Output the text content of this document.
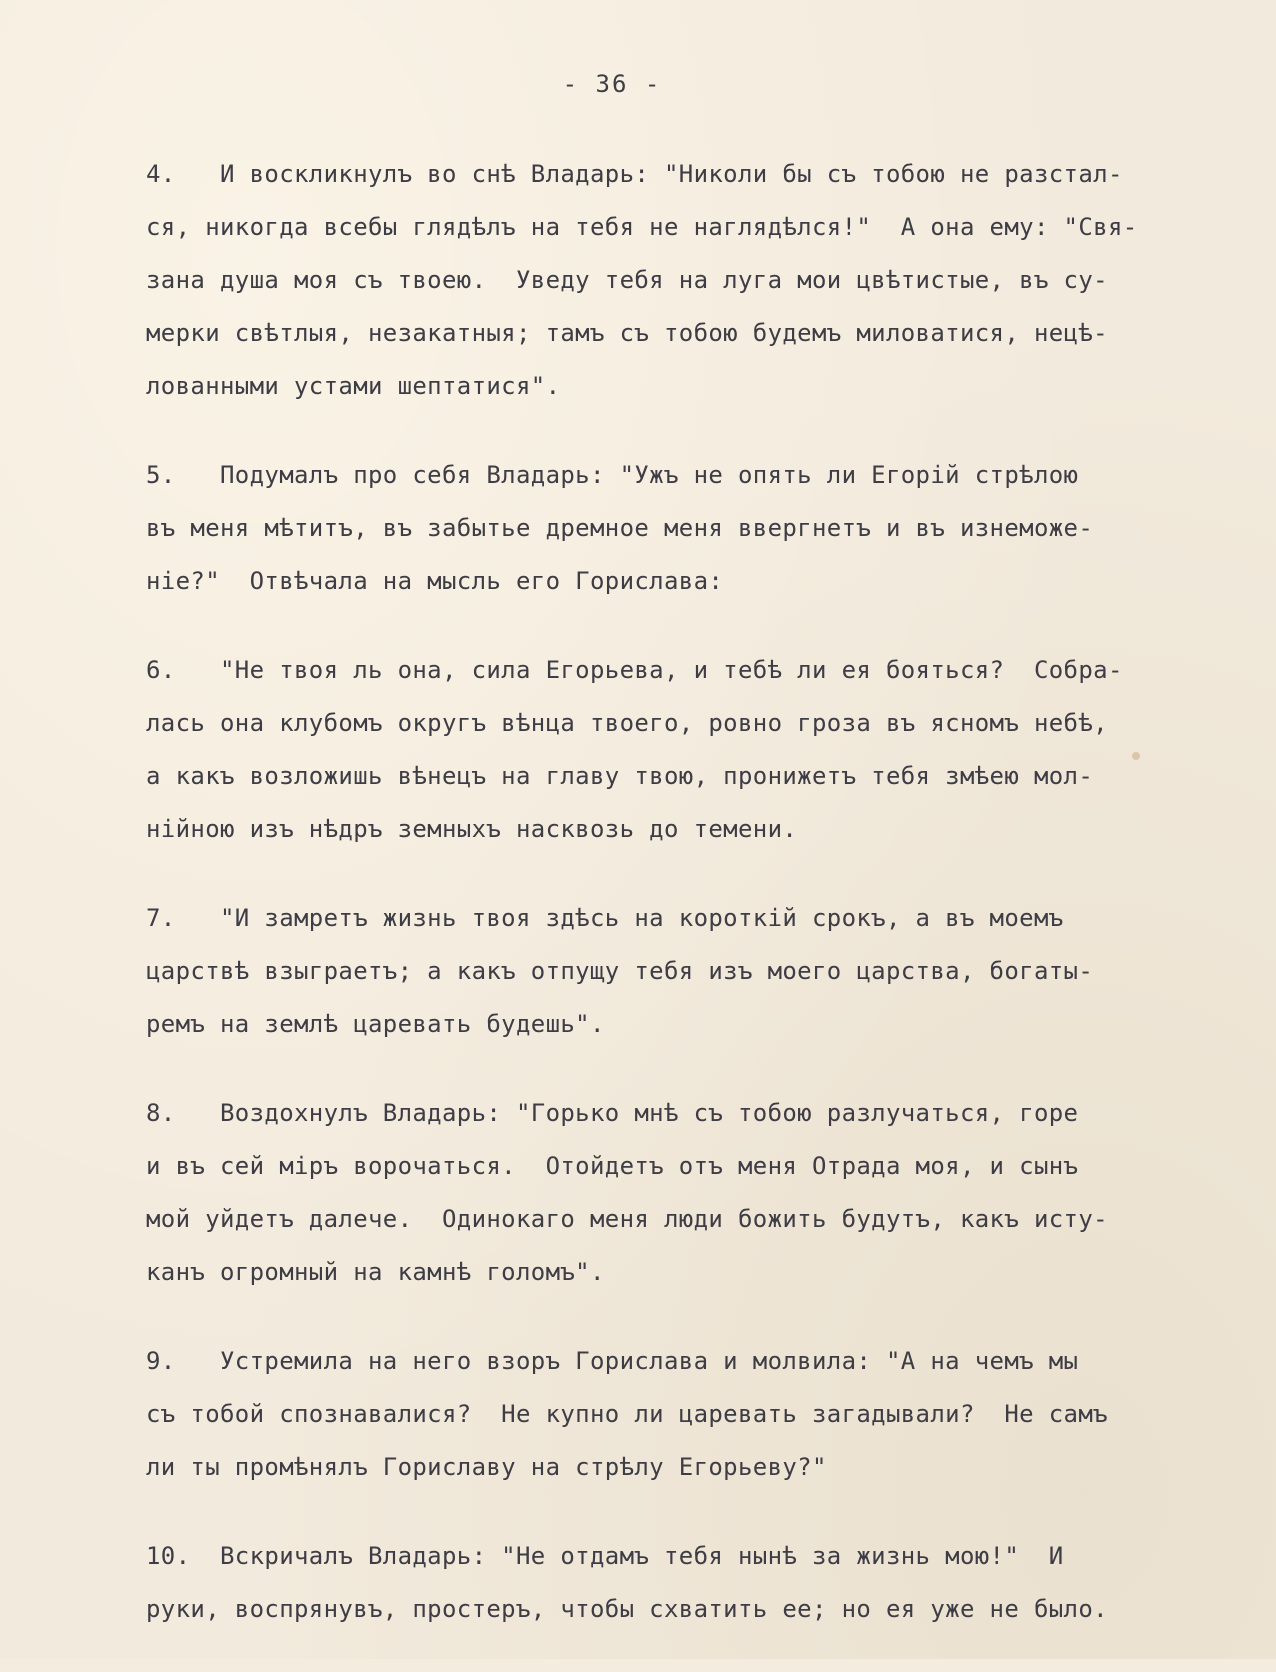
- 36 -

4.   И воскликнулъ во снѣ Владарь: "Николи бы съ тобою не разстал-
ся, никогда всебы глядѣлъ на тебя не наглядѣлся!"  А она ему: "Свя-
зана душа моя съ твоею.  Уведу тебя на луга мои цвѣтистые, въ су-
мерки свѣтлыя, незакатныя; тамъ съ тобою будемъ миловатися, нецѣ-
лованными устами шептатися".
5.   Подумалъ про себя Владарь: "Ужъ не опять ли Егорій стрѣлою
въ меня мѣтитъ, въ забытье дремное меня ввергнетъ и въ изнеможе-
ніе?"  Отвѣчала на мысль его Горислава:
6.   "Не твоя ль она, сила Егорьева, и тебѣ ли ея бояться?  Собра-
лась она клубомъ округъ вѣнца твоего, ровно гроза въ ясномъ небѣ,
а какъ возложишь вѣнецъ на главу твою, пронижетъ тебя змѣею мол-
нійною изъ нѣдръ земныхъ насквозь до темени.
7.   "И замретъ жизнь твоя здѣсь на короткій срокъ, а въ моемъ
царствѣ взыграетъ; а какъ отпущу тебя изъ моего царства, богаты-
ремъ на землѣ царевать будешь".
8.   Воздохнулъ Владарь: "Горько мнѣ съ тобою разлучаться, горе
и въ сей міръ ворочаться.  Отойдетъ отъ меня Отрада моя, и сынъ
мой уйдетъ далече.  Одинокаго меня люди божить будутъ, какъ исту-
канъ огромный на камнѣ голомъ".
9.   Устремила на него взоръ Горислава и молвила: "А на чемъ мы
съ тобой спознавалися?  Не купно ли царевать загадывали?  Не самъ
ли ты промѣнялъ Гориславу на стрѣлу Егорьеву?"
10.  Вскричалъ Владарь: "Не отдамъ тебя нынѣ за жизнь мою!"  И
руки, воспрянувъ, простеръ, чтобы схватить ее; но ея уже не было.
